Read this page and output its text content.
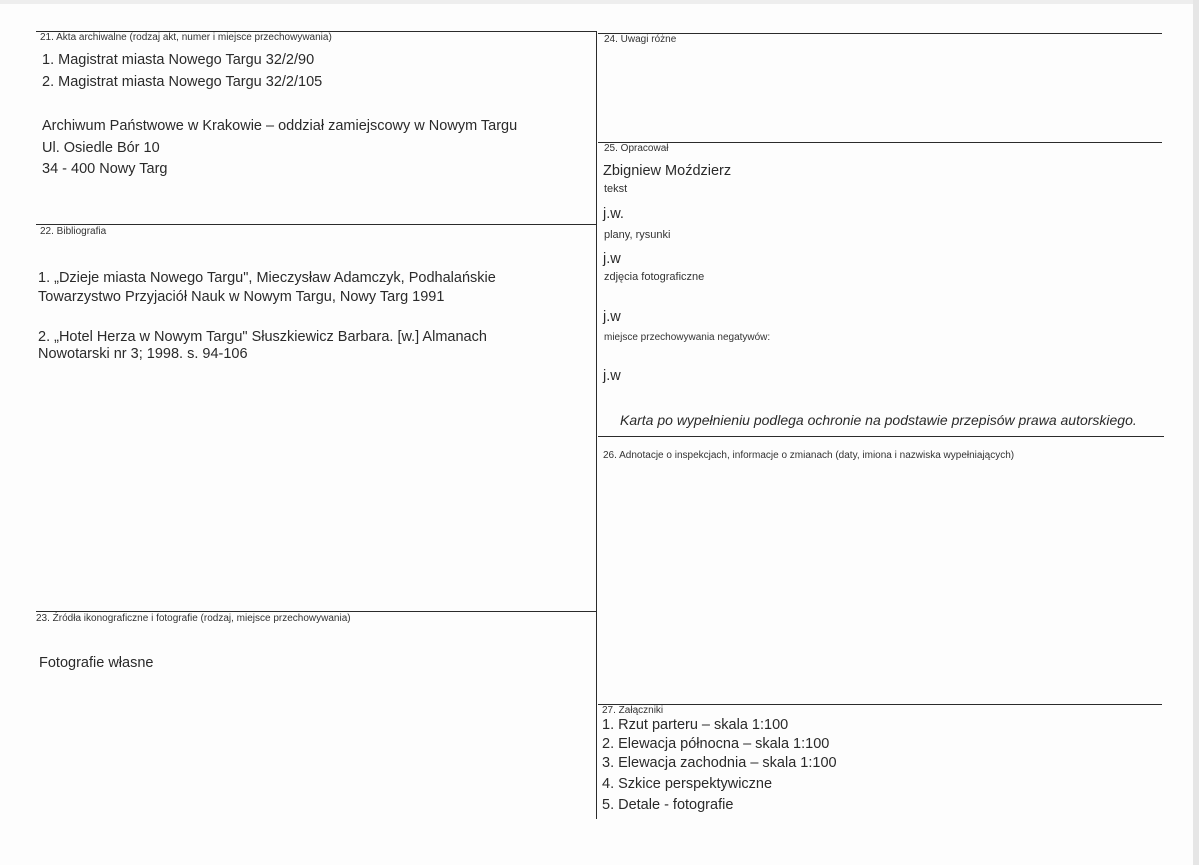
21. Akta archiwalne (rodzaj akt, numer i miejsce przechowywania)
1. Magistrat miasta Nowego Targu 32/2/90
2. Magistrat miasta Nowego Targu 32/2/105
Archiwum Państwowe w Krakowie – oddział zamiejscowy w Nowym Targu
Ul. Osiedle Bór 10
34 - 400 Nowy Targ
22. Bibliografia
1. „Dzieje miasta Nowego Targu", Mieczysław Adamczyk, Podhalańskie
Towarzystwo Przyjaciół Nauk w Nowym Targu, Nowy Targ 1991
2. „Hotel Herza w Nowym Targu" Słuszkiewicz Barbara. [w.] Almanach
Nowotarski nr 3; 1998. s. 94-106
23. Źródła ikonograficzne i fotografie (rodzaj, miejsce przechowywania)
Fotografie własne
24. Uwagi różne
25. Opracował
Zbigniew Moździerz
tekst
j.w.
plany, rysunki
j.w
zdjęcia fotograficzne
j.w
miejsce przechowywania negatywów:
j.w
Karta po wypełnieniu podlega ochronie na podstawie przepisów prawa autorskiego.
26. Adnotacje o inspekcjach, informacje o zmianach (daty, imiona i nazwiska wypełniających)
27. Załączniki
1. Rzut parteru – skala 1:100
2. Elewacja północna – skala 1:100
3. Elewacja zachodnia – skala 1:100
4. Szkice perspektywiczne
5. Detale - fotografie
